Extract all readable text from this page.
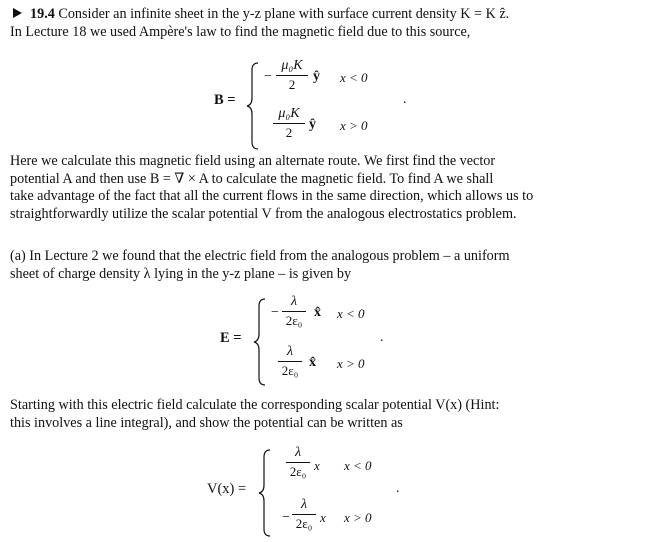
19.4 Consider an infinite sheet in the y-z plane with surface current density K = K ẑ.
In Lecture 18 we used Ampère's law to find the magnetic field due to this source,
B =
−
μ₀K
2
ŷ x < 0
μ₀K
2
ŷ x > 0
.
Here we calculate this magnetic field using an alternate route. We first find the vector
potential A and then use B = ∇ × A to calculate the magnetic field. To find A we shall
take advantage of the fact that all the current flows in the same direction, which allows us to
straightforwardly utilize the scalar potential V from the analogous electrostatics problem.
(a) In Lecture 2 we found that the electric field from the analogous problem – a uniform
sheet of charge density λ lying in the y-z plane – is given by
E =
−
λ
2ε₀
x̂ x < 0
λ
2ε₀
x̂ x > 0
.
Starting with this electric field calculate the corresponding scalar potential V(x) (Hint:
this involves a line integral), and show the potential can be written as
V(x) =
λ
2ε₀ x x < 0
−
λ
2ε₀ x x > 0
.
